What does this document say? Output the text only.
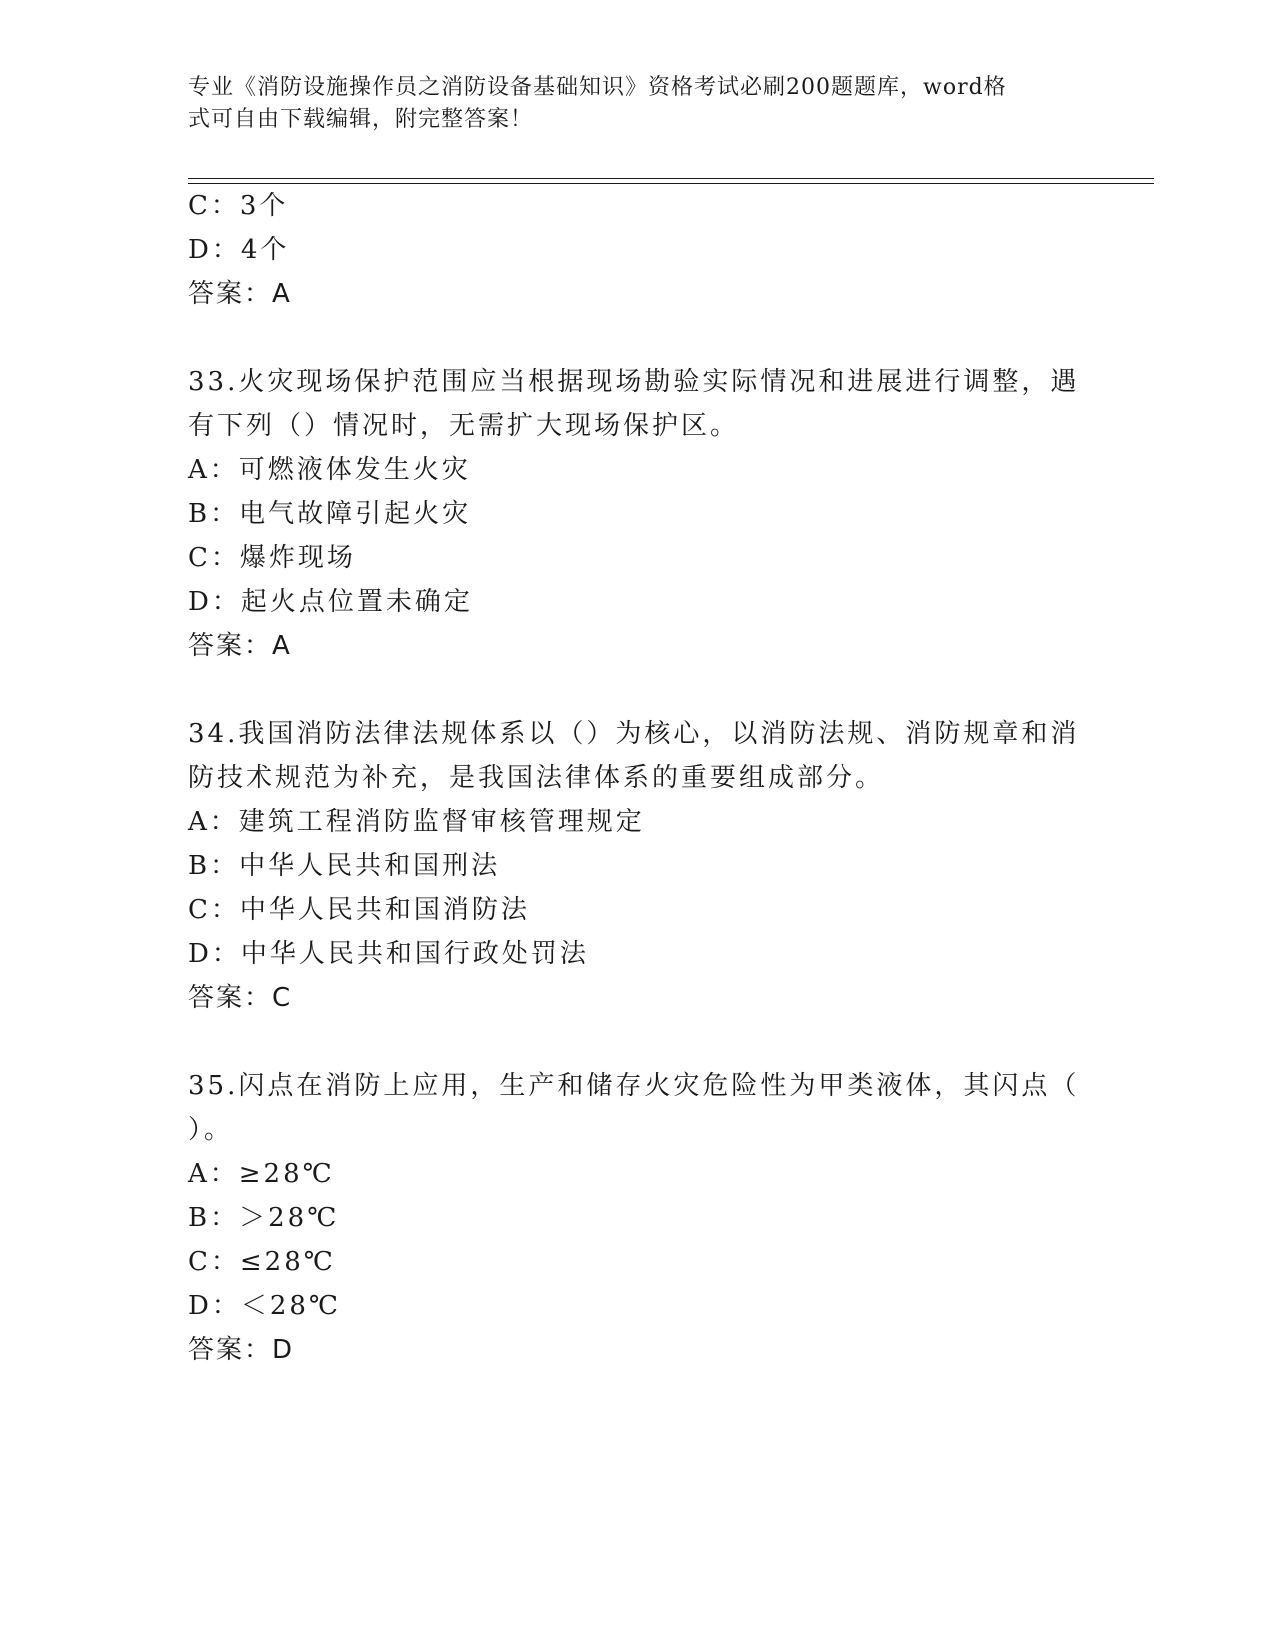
专业《消防设施操作员之消防设备基础知识》资格考试必刷200题题库，word格
式可自由下载编辑，附完整答案！
C：3个
D：4个
答案：A
33.火灾现场保护范围应当根据现场勘验实际情况和进展进行调整，遇
有下列（）情况时，无需扩大现场保护区。
A：可燃液体发生火灾
B：电气故障引起火灾
C：爆炸现场
D：起火点位置未确定
答案：A
34.我国消防法律法规体系以（）为核心，以消防法规、消防规章和消
防技术规范为补充，是我国法律体系的重要组成部分。
A：建筑工程消防监督审核管理规定
B：中华人民共和国刑法
C：中华人民共和国消防法
D：中华人民共和国行政处罚法
答案：C
35.闪点在消防上应用，生产和储存火灾危险性为甲类液体，其闪点（
）。
A：≥28℃
B：＞28℃
C：≤28℃
D：＜28℃
答案：D
